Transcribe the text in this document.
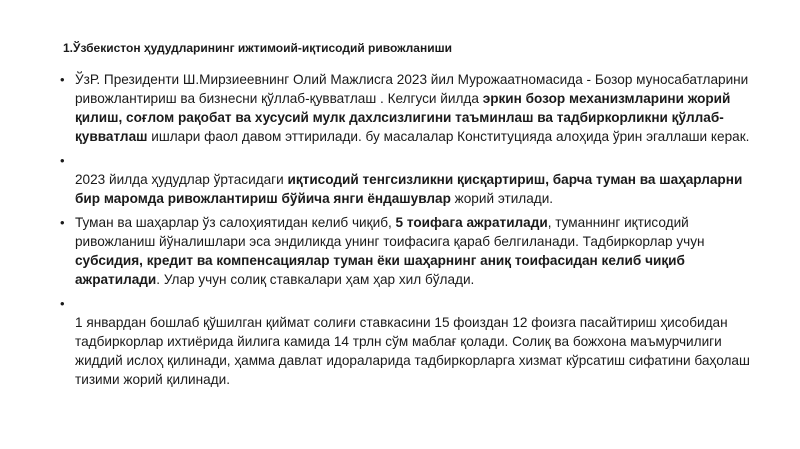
1.Ўзбекистон ҳудудларининг ижтимоий-иқтисодий ривожланиши
• ЎзР. Президенти Ш.Мирзиеевнинг Олий Мажлисга 2023 йил Мурожаатномасида - Бозор муносабатларини ривожлантириш ва бизнесни қўллаб-қувватлаш . Келгуси йилда эркин бозор механизмларини жорий қилиш, соғлом рақобат ва хусусий мулк дахлсизлигини таъминлаш ва тадбиркорликни қўллаб-қувватлаш ишлари фаол давом эттирилади. бу масалалар Конституцияда алоҳида ўрин эгаллаши керак.
•
2023 йилда ҳудудлар ўртасидаги иқтисодий тенгсизликни қисқартириш, барча туман ва шаҳарларни бир маромда ривожлантириш бўйича янги ёндашувлар жорий этилади.
• Туман ва шаҳарлар ўз салоҳиятидан келиб чиқиб, 5 тоифага ажратилади, туманнинг иқтисодий ривожланиш йўналишлари эса эндиликда унинг тоифасига қараб белгиланади. Тадбиркорлар учун субсидия, кредит ва компенсациялар туман ёки шаҳарнинг аниқ тоифасидан келиб чиқиб ажратилади. Улар учун солиқ ставкалари ҳам ҳар хил бўлади.
•
1 январдан бошлаб қўшилган қиймат солиғи ставкасини 15 фоиздан 12 фоизга пасайтириш ҳисобидан тадбиркорлар ихтиёрида йилига камида 14 трлн сўм маблағ қолади. Солиқ ва божхона маъмурчилиги жиддий ислоҳ қилинади, ҳамма давлат идораларида тадбиркорларга хизмат кўрсатиш сифатини баҳолаш тизими жорий қилинади.
